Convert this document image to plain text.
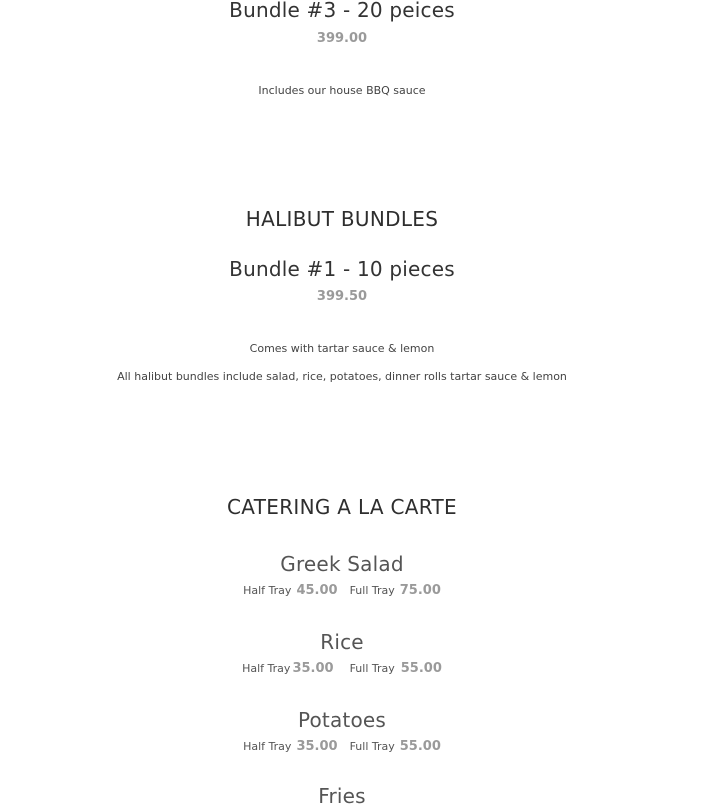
Bundle #3 - 20 peices
399.00
Includes our house BBQ sauce
HALIBUT BUNDLES
Bundle #1 - 10 pieces
399.50
Comes with tartar sauce & lemon
All halibut bundles include salad, rice, potatoes, dinner rolls tartar sauce & lemon
CATERING A LA CARTE
Greek Salad
Half Tray 45.00 Full Tray 75.00
Rice
Half Tray 35.00 Full Tray 55.00
Potatoes
Half Tray 35.00 Full Tray 55.00
Fries
